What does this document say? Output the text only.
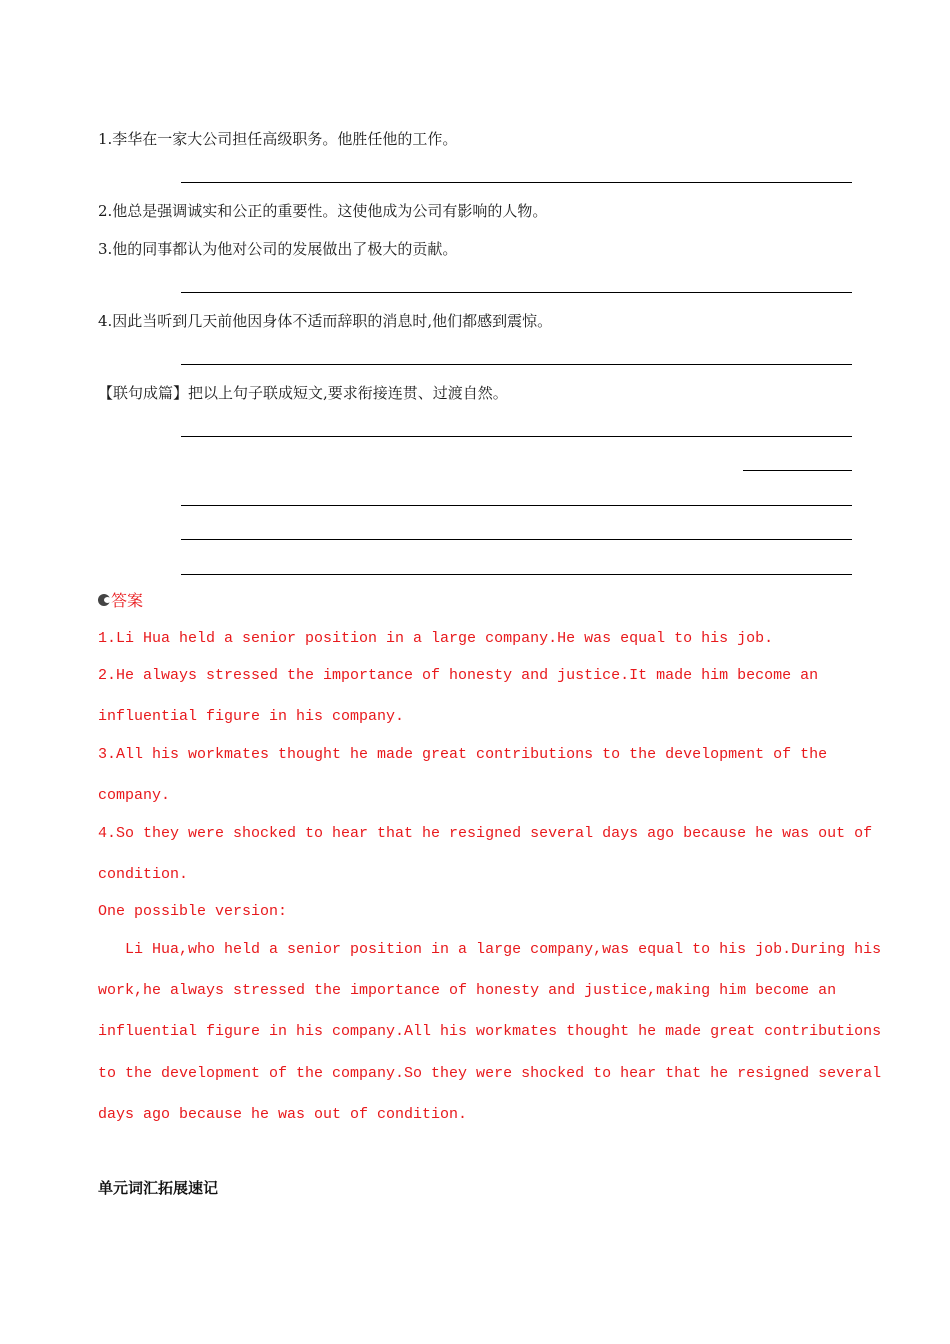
1.李华在一家大公司担任高级职务。他胜任他的工作。
2.他总是强调诚实和公正的重要性。这使他成为公司有影响的人物。
3.他的同事都认为他对公司的发展做出了极大的贡献。
4.因此当听到几天前他因身体不适而辞职的消息时,他们都感到震惊。
【联句成篇】把以上句子联成短文,要求衔接连贯、过渡自然。
答案
1.Li Hua held a senior position in a large company.He was equal to his job.
2.He always stressed the importance of honesty and justice.It made him become an
influential figure in his company.
3.All his workmates thought he made great contributions to the development of the
company.
4.So they were shocked to hear that he resigned several days ago because he was out of
condition.
One possible version:
Li Hua,who held a senior position in a large company,was equal to his job.During his
work,he always stressed the importance of honesty and justice,making him become an
influential figure in his company.All his workmates thought he made great contributions
to the development of the company.So they were shocked to hear that he resigned several
days ago because he was out of condition.
单元词汇拓展速记
